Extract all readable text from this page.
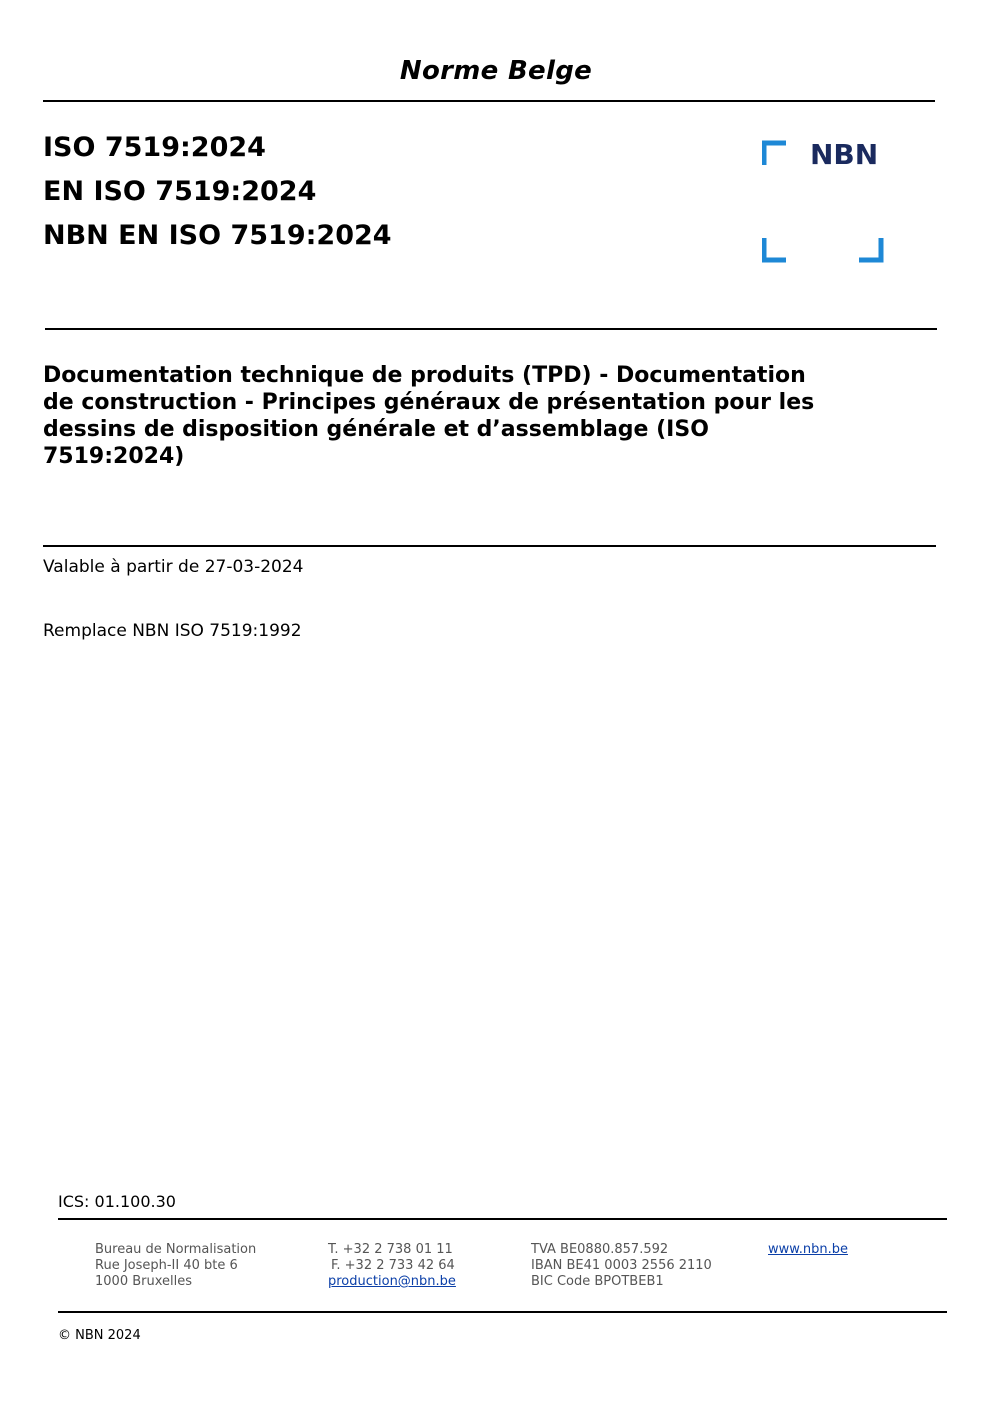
Norme Belge
ISO 7519:2024
EN ISO 7519:2024
NBN EN ISO 7519:2024
NBN
Documentation technique de produits (TPD) - Documentation
de construction - Principes généraux de présentation pour les
dessins de disposition générale et d’assemblage (ISO
7519:2024)
Valable à partir de 27-03-2024
Remplace NBN ISO 7519:1992
ICS: 01.100.30
Bureau de Normalisation
Rue Joseph-II 40 bte 6
1000 Bruxelles
T. +32 2 738 01 11
F. +32 2 733 42 64
production@nbn.be
TVA BE0880.857.592
IBAN BE41 0003 2556 2110
BIC Code BPOTBEB1
www.nbn.be
© NBN 2024
